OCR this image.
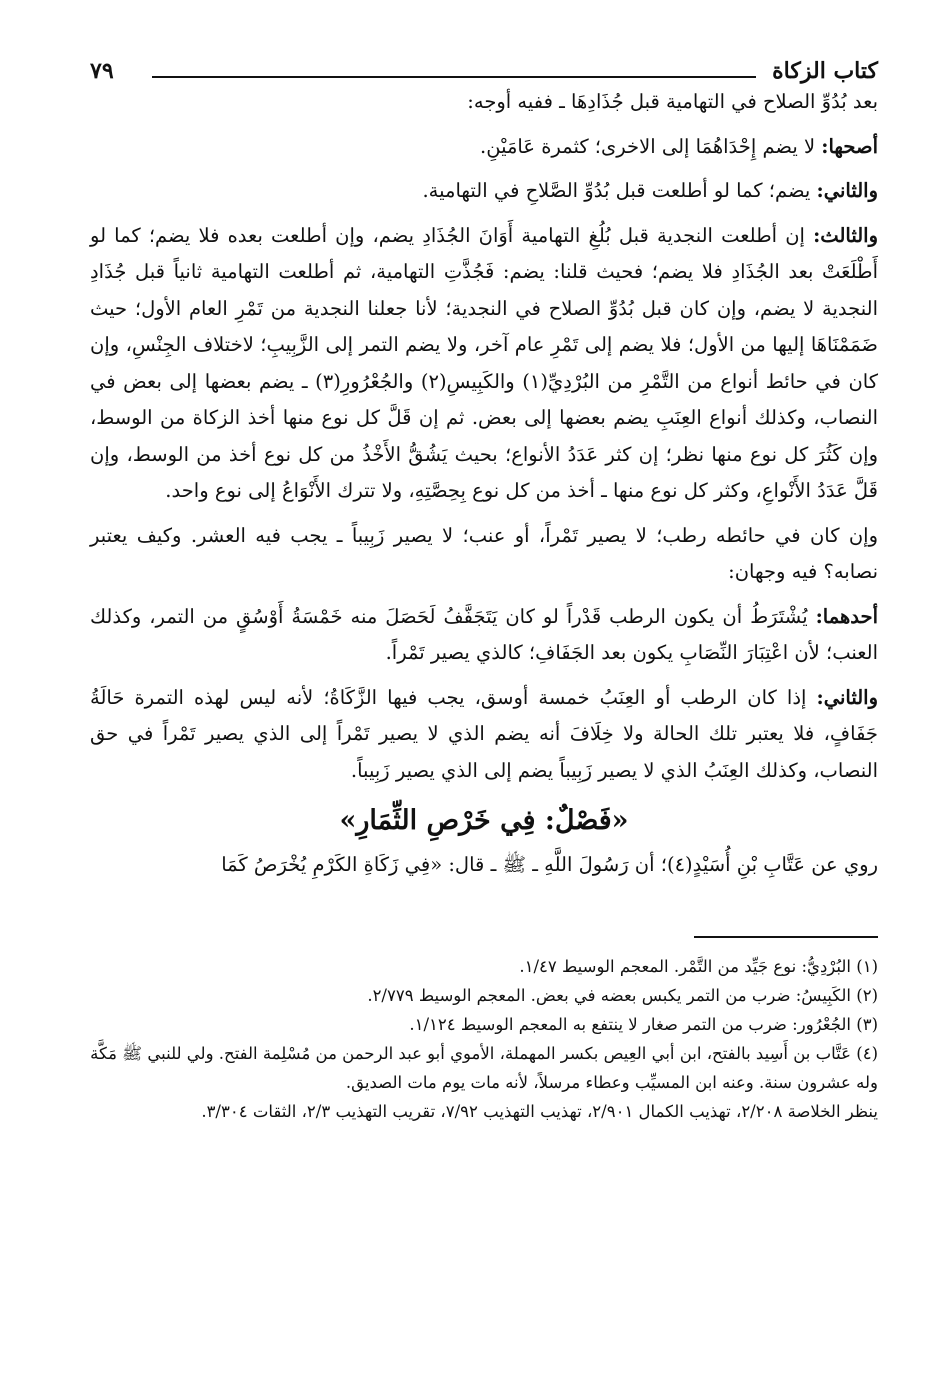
كتاب الزكاة
٧٩

بعد بُدُوِّ الصلاح في التهامية قبل جُذَادِهَا ـ ففيه أوجه:

أصحها: لا يضم إِحْدَاهُمَا إلى الاخرى؛ كثمرة عَامَيْنِ.

والثاني: يضم؛ كما لو أطلعت قبل بُدُوِّ الصَّلاحِ في التهامية.

والثالث: إن أطلعت النجدية قبل بُلُغِ التهامية أَوَانَ الجُذَادِ يضم، وإن أطلعت بعده فلا يضم؛ كما لو أَطْلَعَتْ بعد الجُذَادِ فلا يضم؛ فحيث قلنا: يضم: فَجُذَّتِ التهامية، ثم أطلعت التهامية ثانياً قبل جُذَادِ النجدية لا يضم، وإن كان قبل بُدُوِّ الصلاح في النجدية؛ لأنا جعلنا النجدية من تَمْرِ العام الأول؛ حيث ضَمَمْنَاهَا إليها من الأول؛ فلا يضم إلى تَمْرِ عام آخر، ولا يضم التمر إلى الزَّبِيبِ؛ لاختلاف الجِنْسِ، وإن كان في حائط أنواع من التَّمْرِ من البُرْدِيِّ(١) والكَبِيسِ(٢) والجُعْرُورِ(٣) ـ يضم بعضها إلى بعض في النصاب، وكذلك أنواع العِنَبِ يضم بعضها إلى بعض. ثم إن قَلَّ كل نوع منها أخذ الزكاة من الوسط، وإن كَثُرَ كل نوع منها نظر؛ إن كثر عَدَدُ الأنواع؛ بحيث يَشُقُّ الأَخْذُ من كل نوع أخذ من الوسط، وإن قَلَّ عَدَدُ الأَنْواعِ، وكثر كل نوع منها ـ أخذ من كل نوع بِحِصَّتِهِ، ولا تترك الأَنْوَاعُ إلى نوع واحد.

وإن كان في حائطه رطب؛ لا يصير تَمْراً، أو عنب؛ لا يصير زَبِيباً ـ يجب فيه العشر. وكيف يعتبر نصابه؟ فيه وجهان:

أحدهما: يُشْتَرَطُ أن يكون الرطب قَدْراً لو كان يَتَجَفَّفُ لَحَصَلَ منه خَمْسَةُ أَوْسُقٍ من التمر، وكذلك العنب؛ لأن اعْتِبَارَ النِّصَابِ يكون بعد الجَفَافِ؛ كالذي يصير تَمْراً.

والثاني: إذا كان الرطب أو العِنَبُ خمسة أوسق، يجب فيها الزَّكَاةُ؛ لأنه ليس لهذه التمرة حَالَةُ جَفَافٍ، فلا يعتبر تلك الحالة ولا خِلَافَ أنه يضم الذي لا يصير تَمْراً إلى الذي يصير تَمْراً في حق النصاب، وكذلك العِنَبُ الذي لا يصير زَبِيباً يضم إلى الذي يصير زَبِيباً.

«فَصْلٌ: فِي خَرْصِ الثِّمَارِ»

روي عن عَتَّابِ بْنِ أُسَيْدٍ(٤)؛ أن رَسُولَ اللَّهِ ـ ﷺ ـ قال: «فِي زَكَاةِ الكَرْمِ يُخْرَصُ كَمَا

(١) البُرْدِيُّ: نوع جَيِّد من التَّمْر. المعجم الوسيط ١/٤٧.

(٢) الكَبِيسُ: ضرب من التمر يكبس بعضه في بعض. المعجم الوسيط ٢/٧٧٩.

(٣) الجُعْرُور: ضرب من التمر صغار لا ينتفع به المعجم الوسيط ١/١٢٤.

(٤) عَتَّاب بن أَسِيد بالفتح، ابن أبي العِيص بكسر المهملة، الأموي أبو عبد الرحمن من مُسْلِمة الفتح. ولي للنبي ﷺ مَكَّة وله عشرون سنة. وعنه ابن المسيِّب وعطاء مرسلاً، لأنه مات يوم مات الصديق.

ينظر الخلاصة ٢/٢٠٨، تهذيب الكمال ٢/٩٠١، تهذيب التهذيب ٧/٩٢، تقريب التهذيب ٢/٣، الثقات ٣/٣٠٤.
